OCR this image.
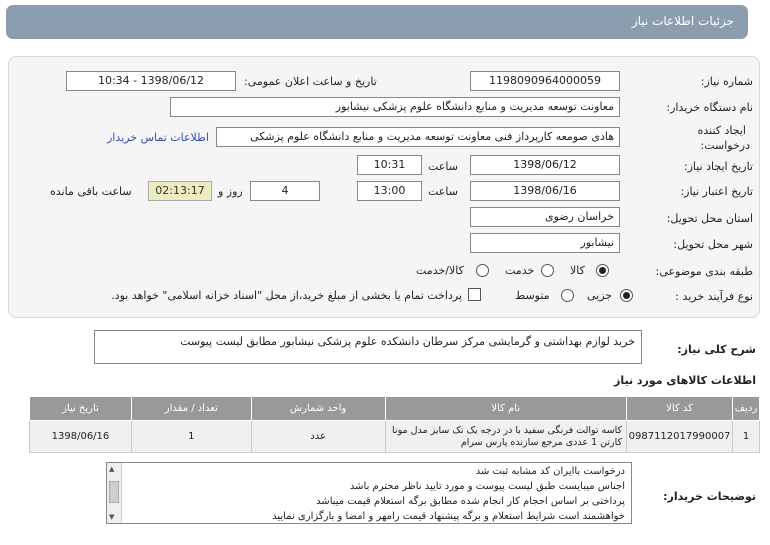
جزئیات اطلاعات نیاز
شماره نیاز:
1198090964000059
تاریخ و ساعت اعلان عمومی:
1398/06/12 - 10:34
نام دستگاه خریدار:
معاونت توسعه مدیریت و منابع دانشگاه علوم پزشکی نیشابور
ایجاد کننده
درخواست:
هادی صومعه کارپرداز فنی معاونت توسعه مدیریت و منابع دانشگاه علوم پزشکی
اطلاعات تماس خریدار
تاریخ ایجاد نیاز:
1398/06/12
ساعت
10:31
تاریخ اعتبار نیاز:
1398/06/16
ساعت
13:00
4
روز و
02:13:17
ساعت باقی مانده
استان محل تحویل:
خراسان رضوی
شهر محل تحویل:
نیشابور
طبقه بندی موضوعی:
کالا
خدمت
کالا/خدمت
نوع فرآیند خرید :
جزیی
متوسط
پرداخت تمام یا بخشی از مبلغ خرید،از محل "اسناد خزانه اسلامی" خواهد بود.
شرح کلی نیاز:
خرید لوازم بهداشتی و گرمایشی مرکز سرطان دانشکده علوم پزشکی نیشابور مطابق لیست پیوست
اطلاعات کالاهای مورد نیاز
ردیف	کد کالا	نام کالا	واحد شمارش	تعداد / مقدار	تاریخ نیاز
1	0987112017990007	کاسه توالت فرنگی سفید با در درجه یک تک سایز مدل مونا
کارتن 1 عددی مرجع سازنده پارس سرام	عدد	1	1398/06/16
توضیحات خریدار:
▲
▼
درخواست باایران کد مشابه ثبت شد
اجناس میبایست طبق لیست پیوست و مورد تایید ناظر محترم باشد
پرداختی بر اساس احجام کار انجام شده مطابق برگه استعلام قیمت میباشد
خواهشمند است شرایط استعلام و برگه پیشنهاد قیمت رامهر و امضا و بارگزاری نمایید
